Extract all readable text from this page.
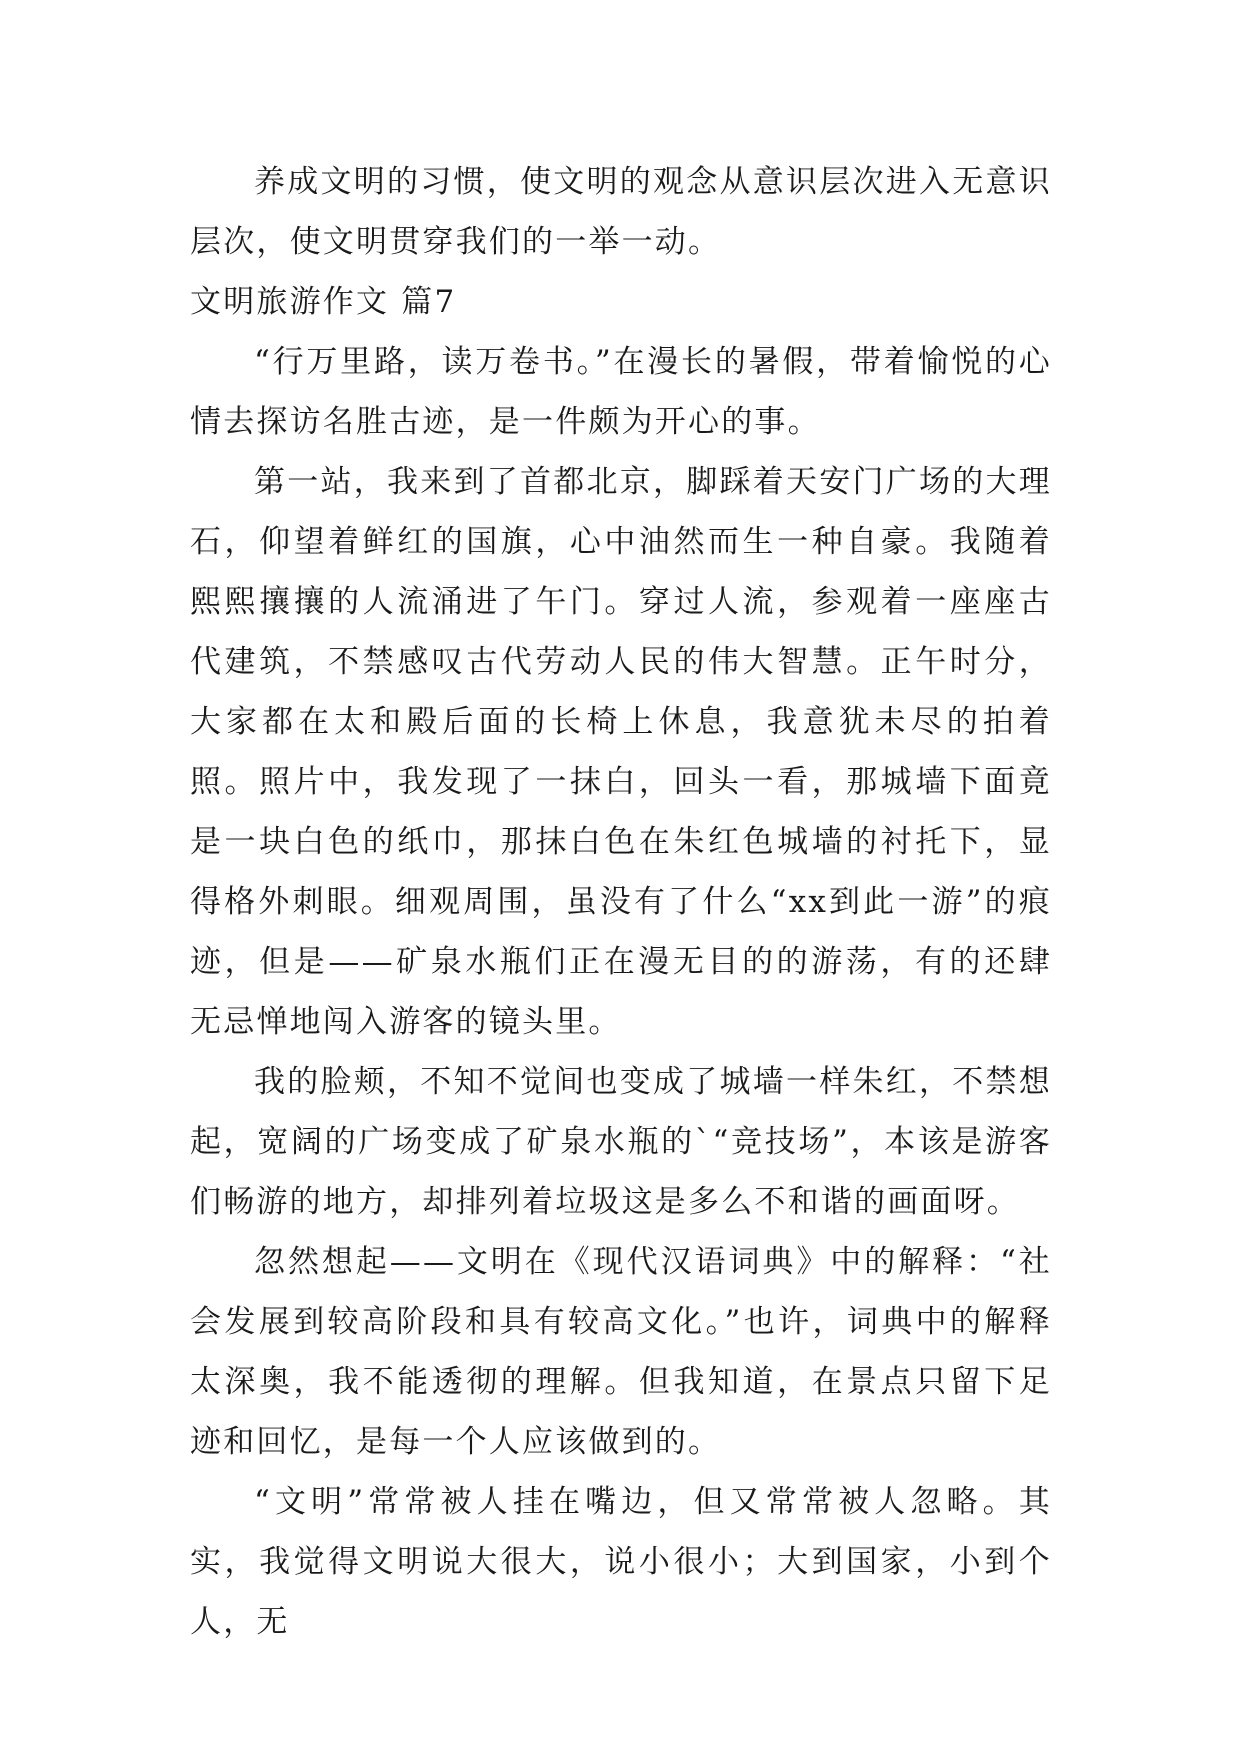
养成文明的习惯，使文明的观念从意识层次进入无意识层次，使文明贯穿我们的一举一动。

文明旅游作文 篇7

“行万里路，读万卷书。”在漫长的暑假，带着愉悦的心情去探访名胜古迹，是一件颇为开心的事。

第一站，我来到了首都北京，脚踩着天安门广场的大理石，仰望着鲜红的国旗，心中油然而生一种自豪。我随着熙熙攘攘的人流涌进了午门。穿过人流，参观着一座座古代建筑，不禁感叹古代劳动人民的伟大智慧。正午时分，大家都在太和殿后面的长椅上休息，我意犹未尽的拍着照。照片中，我发现了一抹白，回头一看，那城墙下面竟是一块白色的纸巾，那抹白色在朱红色城墙的衬托下，显得格外刺眼。细观周围，虽没有了什么“xx到此一游”的痕迹，但是——矿泉水瓶们正在漫无目的的游荡，有的还肆无忌惮地闯入游客的镜头里。

我的脸颊，不知不觉间也变成了城墙一样朱红，不禁想起，宽阔的广场变成了矿泉水瓶的`“竞技场”，本该是游客们畅游的地方，却排列着垃圾这是多么不和谐的画面呀。

忽然想起——文明在《现代汉语词典》中的解释：“社会发展到较高阶段和具有较高文化。”也许，词典中的解释太深奥，我不能透彻的理解。但我知道，在景点只留下足迹和回忆，是每一个人应该做到的。

“文明”常常被人挂在嘴边，但又常常被人忽略。其实，我觉得文明说大很大，说小很小；大到国家，小到个人，无
